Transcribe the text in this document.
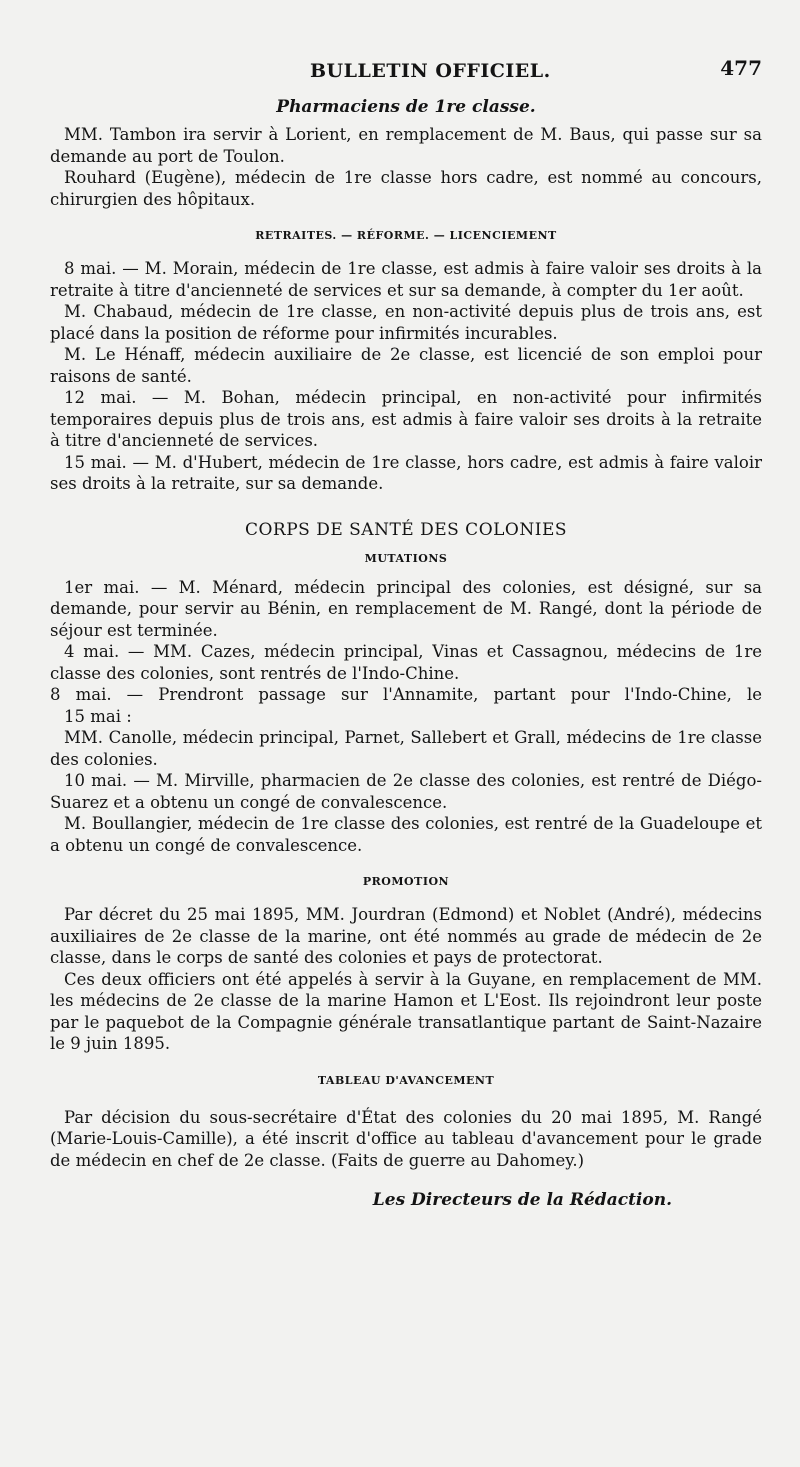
BULLETIN OFFICIEL.	477
Pharmaciens de 1re classe.

MM. Tambon ira servir à Lorient, en remplacement de M. Baus, qui passe sur sa demande au port de Toulon.

Rouhard (Eugène), médecin de 1re classe hors cadre, est nommé au concours, chirurgien des hôpitaux.

RETRAITES. — RÉFORME. — LICENCIEMENT

8 mai. — M. Morain, médecin de 1re classe, est admis à faire valoir ses droits à la retraite à titre d'ancienneté de services et sur sa demande, à compter du 1er août.

M. Chabaud, médecin de 1re classe, en non-activité depuis plus de trois ans, est placé dans la position de réforme pour infirmités incurables.

M. Le Hénaff, médecin auxiliaire de 2e classe, est licencié de son emploi pour raisons de santé.

12 mai. — M. Bohan, médecin principal, en non-activité pour infirmités temporaires depuis plus de trois ans, est admis à faire valoir ses droits à la retraite à titre d'ancienneté de services.

15 mai. — M. d'Hubert, médecin de 1re classe, hors cadre, est admis à faire valoir ses droits à la retraite, sur sa demande.

CORPS DE SANTÉ DES COLONIES
MUTATIONS

1er mai. — M. Ménard, médecin principal des colonies, est désigné, sur sa demande, pour servir au Bénin, en remplacement de M. Rangé, dont la période de séjour est terminée.

4 mai. — MM. Cazes, médecin principal, Vinas et Cassagnou, médecins de 1re classe des colonies, sont rentrés de l'Indo-Chine.

8 mai. — Prendront passage sur l'Annamite, partant pour l'Indo-Chine, le

15 mai :

MM. Canolle, médecin principal, Parnet, Sallebert et Grall, médecins de 1re classe des colonies.

10 mai. — M. Mirville, pharmacien de 2e classe des colonies, est rentré de Diégo-Suarez et a obtenu un congé de convalescence.

M. Boullangier, médecin de 1re classe des colonies, est rentré de la Guadeloupe et a obtenu un congé de convalescence.

PROMOTION

Par décret du 25 mai 1895, MM. Jourdran (Edmond) et Noblet (André), médecins auxiliaires de 2e classe de la marine, ont été nommés au grade de médecin de 2e classe, dans le corps de santé des colonies et pays de protectorat.

Ces deux officiers ont été appelés à servir à la Guyane, en remplacement de MM. les médecins de 2e classe de la marine Hamon et L'Eost. Ils rejoindront leur poste par le paquebot de la Compagnie générale transatlantique partant de Saint-Nazaire le 9 juin 1895.

TABLEAU D'AVANCEMENT

Par décision du sous-secrétaire d'État des colonies du 20 mai 1895, M. Rangé (Marie-Louis-Camille), a été inscrit d'office au tableau d'avancement pour le grade de médecin en chef de 2e classe. (Faits de guerre au Dahomey.)

Les Directeurs de la Rédaction.
